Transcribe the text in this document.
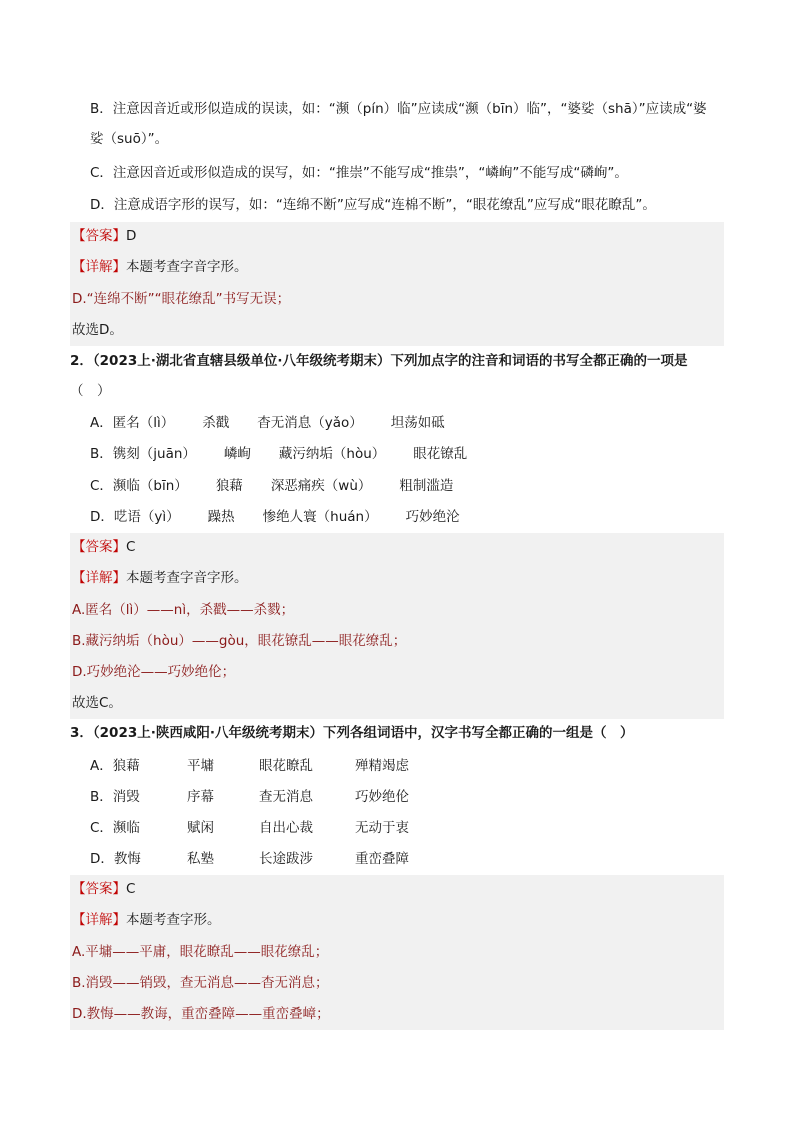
B．注意因音近或形似造成的误读，如：“濒（pín）临”应读成“濒（bīn）临”，“婆娑（shā）”应读成“婆
娑（suō）”。
C．注意因音近或形似造成的误写，如：“推崇”不能写成“推祟”，“嶙峋”不能写成“磷峋”。
D．注意成语字形的误写，如：“连绵不断”应写成“连棉不断”，“眼花缭乱”应写成“眼花瞭乱”。
【答案】D
【详解】本题考查字音字形。
D.“连绵不断”“眼花缭乱”书写无误；
故选D。
2．（2023上·湖北省直辖县级单位·八年级统考期末）下列加点字的注音和词语的书写全都正确的一项是
（　）
A．匿名（lì） 杀戳 杳无消息（yǎo） 坦荡如砥
B．镌刻（juān） 嶙峋 藏污纳垢（hòu） 眼花镣乱
C．濒临（bīn） 狼藉 深恶痛疾（wù） 粗制滥造
D．呓语（yì） 躁热 惨绝人寰（huán） 巧妙绝沦
【答案】C
【详解】本题考查字音字形。
A.匿名（lì）——nì，杀戳——杀戮；
B.藏污纳垢（hòu）——gòu，眼花镣乱——眼花缭乱；
D.巧妙绝沦——巧妙绝伦；
故选C。
3．（2023上·陕西咸阳·八年级统考期末）下列各组词语中，汉字书写全都正确的一组是（　）
A．狼藉	平墉	眼花瞭乱	殚精竭虑
B．消毁	序幕	查无消息	巧妙绝伦
C．濒临	赋闲	自出心裁	无动于衷
D．教悔	私塾	长途跋涉	重峦叠障
【答案】C
【详解】本题考查字形。
A.平墉——平庸，眼花瞭乱——眼花缭乱；
B.消毁——销毁，查无消息——杳无消息；
D.教悔——教诲，重峦叠障——重峦叠嶂；
